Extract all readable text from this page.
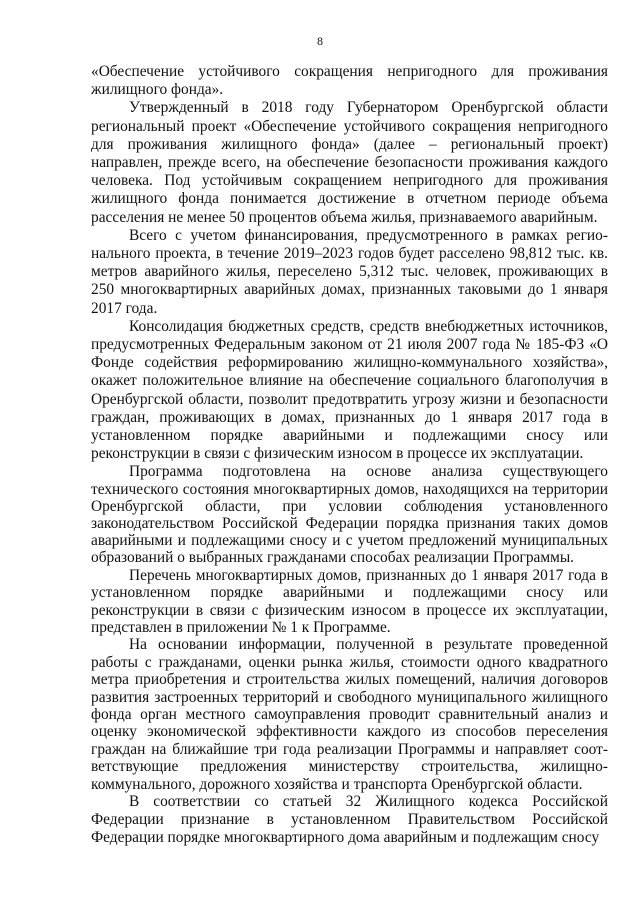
8

«Обеспечение устойчивого сокращения непригодного для проживания жилищного фонда».

Утвержденный в 2018 году Губернатором Оренбургской области региональный проект «Обеспечение устойчивого сокращения непригодного для проживания жилищного фонда» (далее – региональный проект) направлен, прежде всего, на обеспечение безопасности проживания каждого человека. Под устойчивым сокращением непригодного для проживания жилищного фонда понимается достижение в отчетном периоде объема расселения не менее 50 процентов объема жилья, признаваемого аварийным.

Всего с учетом финансирования, предусмотренного в рамках регионального проекта, в течение 2019–2023 годов будет расселено 98,812 тыс. кв. метров аварийного жилья, переселено 5,312 тыс. человек, проживающих в 250 многоквартирных аварийных домах, признанных таковыми до 1 января 2017 года.

Консолидация бюджетных средств, средств внебюджетных источников, предусмотренных Федеральным законом от 21 июля 2007 года № 185-ФЗ «О Фонде содействия реформированию жилищно-коммунального хозяйства», окажет положительное влияние на обеспечение социального благополучия в Оренбургской области, позволит предотвратить угрозу жизни и безопасности граждан, проживающих в домах, признанных до 1 января 2017 года в установленном порядке аварийными и подлежащими сносу или реконструкции в связи с физическим износом в процессе их эксплуатации.

Программа подготовлена на основе анализа существующего технического состояния многоквартирных домов, находящихся на территории Оренбургской области, при условии соблюдения установленного законодательством Российской Федерации порядка признания таких домов аварийными и подлежащими сносу и с учетом предложений муниципальных образований о выбранных гражданами способах реализации Программы.

Перечень многоквартирных домов, признанных до 1 января 2017 года в установленном порядке аварийными и подлежащими сносу или реконструкции в связи с физическим износом в процессе их эксплуатации, представлен в приложении № 1 к Программе.

На основании информации, полученной в результате проведенной работы с гражданами, оценки рынка жилья, стоимости одного квадратного метра приобретения и строительства жилых помещений, наличия договоров развития застроенных территорий и свободного муниципального жилищного фонда орган местного самоуправления проводит сравнительный анализ и оценку экономической эффективности каждого из способов переселения граждан на ближайшие три года реализации Программы и направляет соответствующие предложения министерству строительства, жилищно-коммунального, дорожного хозяйства и транспорта Оренбургской области.

В соответствии со статьей 32 Жилищного кодекса Российской Федерации признание в установленном Правительством Российской Федерации порядке многоквартирного дома аварийным и подлежащим сносу
